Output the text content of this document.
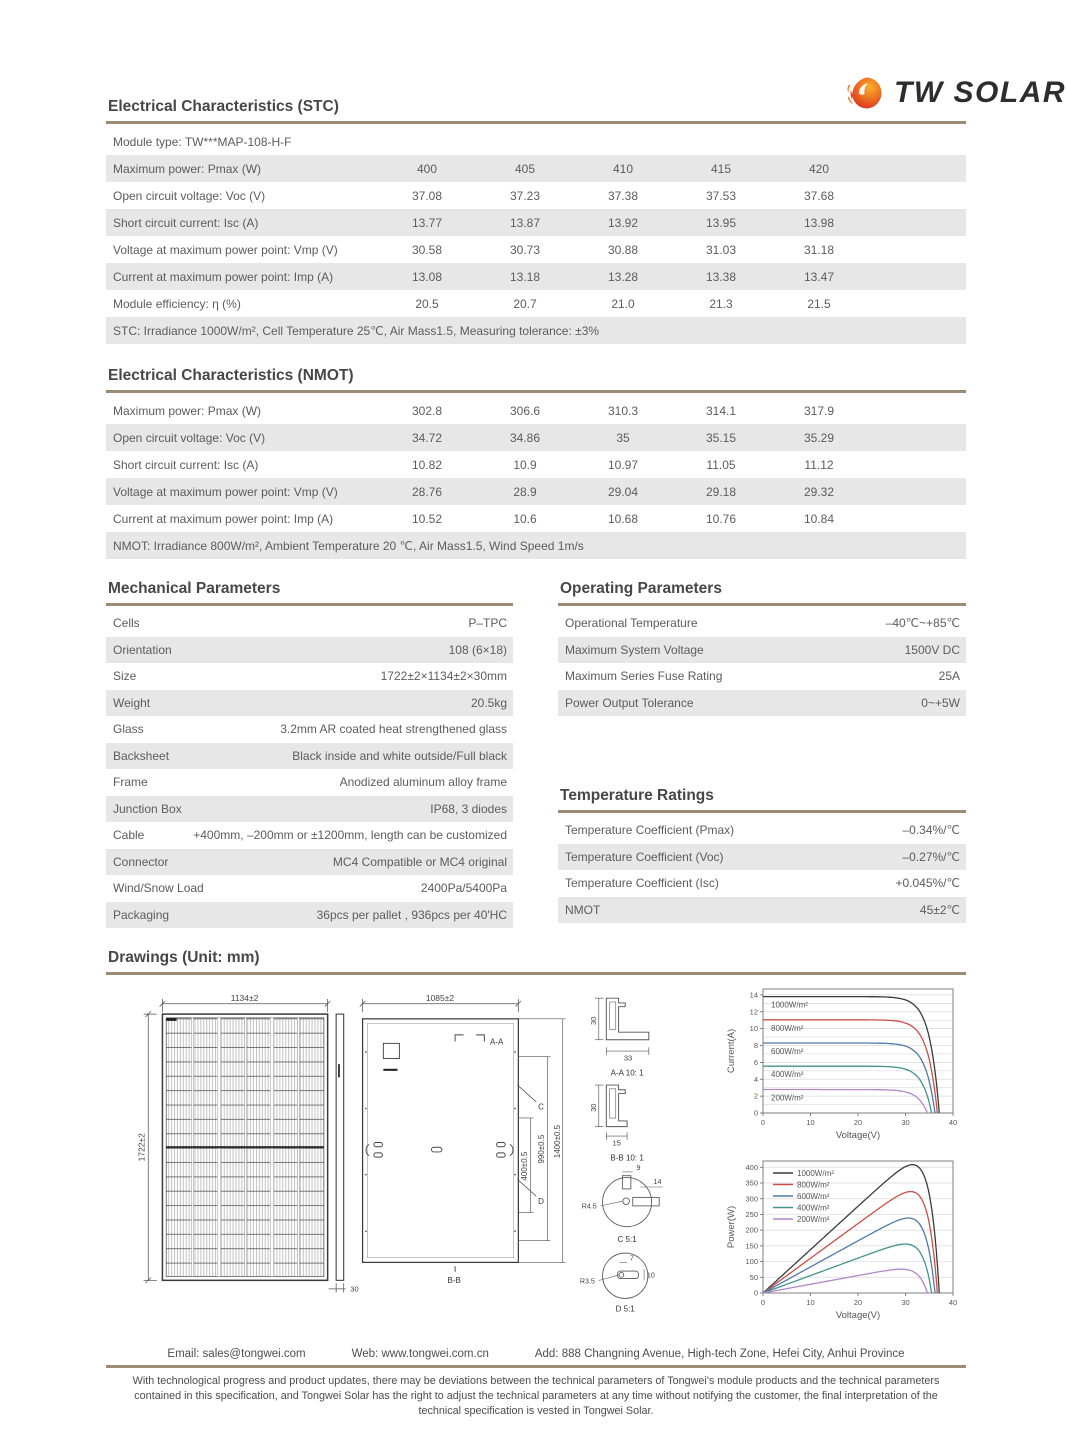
TW SOLAR
Electrical Characteristics (STC)
Module type: TW***MAP-108-H-F
Maximum power: Pmax (W)	400	405	410	415	420
Open circuit voltage: Voc (V)	37.08	37.23	37.38	37.53	37.68
Short circuit current: Isc (A)	13.77	13.87	13.92	13.95	13.98
Voltage at maximum power point: Vmp (V)	30.58	30.73	30.88	31.03	31.18
Current at maximum power point: Imp (A)	13.08	13.18	13.28	13.38	13.47
Module efficiency: η (%)	20.5	20.7	21.0	21.3	21.5
STC: Irradiance 1000W/m², Cell Temperature 25℃, Air Mass1.5, Measuring tolerance: ±3%
Electrical Characteristics (NMOT)
Maximum power: Pmax (W)	302.8	306.6	310.3	314.1	317.9
Open circuit voltage: Voc (V)	34.72	34.86	35	35.15	35.29
Short circuit current: Isc (A)	10.82	10.9	10.97	11.05	11.12
Voltage at maximum power point: Vmp (V)	28.76	28.9	29.04	29.18	29.32
Current at maximum power point: Imp (A)	10.52	10.6	10.68	10.76	10.84
NMOT: Irradiance 800W/m², Ambient Temperature 20 ℃, Air Mass1.5, Wind Speed 1m/s
Mechanical Parameters
Cells	P–TPC
Orientation	108 (6×18)
Size	1722±2×1134±2×30mm
Weight	20.5kg
Glass	3.2mm AR coated heat strengthened glass
Backsheet	Black inside and white outside/Full black
Frame	Anodized aluminum alloy frame
Junction Box	IP68, 3 diodes
Cable	+400mm, –200mm or ±1200mm, length can be customized
Connector	MC4 Compatible or MC4 original
Wind/Snow Load	2400Pa/5400Pa
Packaging	36pcs per pallet , 936pcs per 40'HC
Operating Parameters
Operational Temperature	–40℃~+85℃
Maximum System Voltage	1500V DC
Maximum Series Fuse Rating	25A
Power Output Tolerance	0~+5W
Temperature Ratings
Temperature Coefficient (Pmax)	–0.34%/℃
Temperature Coefficient (Voc)	–0.27%/℃
Temperature Coefficient (Isc)	+0.045%/℃
NMOT	45±2℃
Drawings (Unit: mm)
1134±2
1722±2
30
1085±2
A-A
C
D
B-B
400±0.5
990±0.5 1400±0.5
30
33
A-A 10: 1
30
15
B-B 10: 1
9
14
R4.5
C 5:1
7
10
R3.5
D 5:1
0
2
4
6
8
10
12
14
0	10	20	30	40
Voltage(V)
Current(A)
1000W/m²
800W/m²
600W/m²
400W/m²
200W/m²
0
50
100
150
200
250
300
350
400
0	10	20	30	40
Voltage(V)
Power(W)
1000W/m²
800W/m²
600W/m²
400W/m²
200W/m²
Email: sales@tongwei.com	Web: www.tongwei.com.cn	Add: 888 Changning Avenue, High-tech Zone, Hefei City, Anhui Province

With technological progress and product updates, there may be deviations between the technical parameters of Tongwei's module products and the technical parameters contained in this specification, and Tongwei Solar has the right to adjust the technical parameters at any time without notifying the customer, the final interpretation of the technical specification is vested in Tongwei Solar.
